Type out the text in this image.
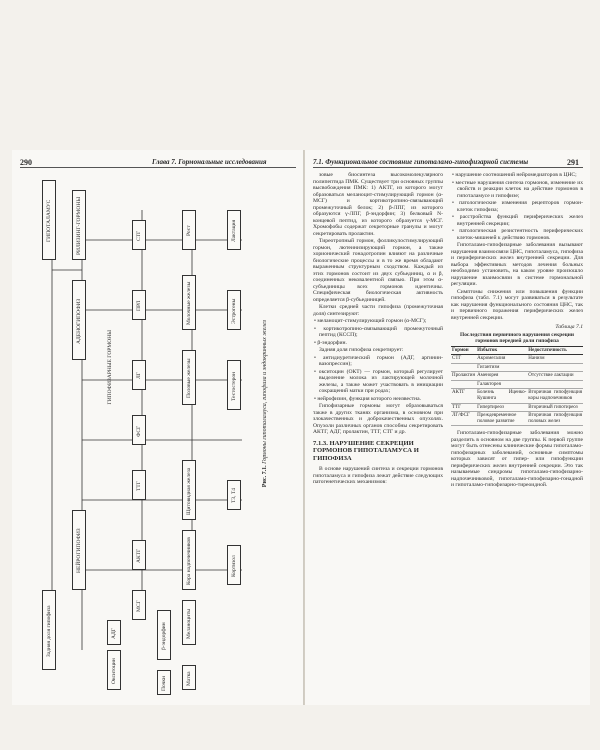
290	Глава 7. Гормональные исследования
ГИПОТАЛАМУС	РИЛИЗИНГ-ГОРМОНЫ
НЕЙРОГИПОФИЗ
АДЕНОГИПОФИЗ
Задняя доля гипофиза
СТГ
ПРЛ
ЛГ
ФСГ
ТТГ
АКТГ
МСГ
β-эндорфин
Рост
Молочные железы
Половые железы
Щитовидная железа
Кора надпочечников
Меланоциты
Лактация
Эстрогены
Тестостерон
Т3, Т4
Кортизол
АДГ
Окситоцин	Почки	Матка
ГИПОФИЗАРНЫЕ ГОРМОНЫ
Рис. 7.1. Гормоны гипоталамуса, гипофиза и эндокринных желез
7.1. Функциональное состояние гипоталамо-гипофизарной системы	291

зовые биосинтеза высокомолекулярного полипептида ПМК. Существует три основных группы высвобождения ПМК: 1) АКТГ, из которого могут образоваться меланоцит-стимулирующий гормон (α-МСГ) и кортикотропино-связывающий промежуточный белок; 2) β-ЛПГ, из которого образуются γ-ЛПГ, β-эндорфин; 3) белковый N-концевой пептид, из которого образуется γ-МСГ. Хромофобы содержат секреторные гранулы и могут секретировать пролактин.

Тиреотропный гормон, фолликулостимулирующий гормон, лютеинизирующий гормон, а также хорионический гонадотропин влияют на различные биологические процессы и в то же время обладают выраженным структурным сходством. Каждый из этих гормонов состоит из двух субъединиц, α и β, соединенных нековалентной связью. При этом α-субъединицы всех гормонов идентичны. Специфическая биологическая активность определяется β-субъединицей.

Клетки средней части гипофиза (промежуточная доля) синтезируют:

• меланоцит-стимулирующий гормон (α-МСГ);
• кортикотропино-связывающий промежуточный пептид (КССП);
• β-эндорфин.

Задняя доля гипофиза секретирует:

• антидиуретический гормон (АДГ, аргинин-вазопрессин);
• окситоцин (ОКТ) — гормон, который регулирует выделение молока из лактирующей молочной железы, а также может участвовать в инициации сокращений матки при родах;
• нейрофизин, функция которого неизвестна.

Гипофизарные гормоны могут образовываться также в других тканях организма, в основном при злокачественных и доброкачественных опухолях. Опухоли различных органов способны секретировать АКТГ, АДГ, пролактин, ТТГ, СТГ и др.

7.1.3. НАРУШЕНИЕ СЕКРЕЦИИ ГОРМОНОВ ГИПОТАЛАМУСА И ГИПОФИЗА

В основе нарушений синтеза и секреции гормонов гипоталамуса и гипофиза лежат действие следующих патогенетических механизмов:

• нарушение соотношений нейромедиаторов в ЦНС;
• местные нарушения синтеза гормонов, изменение их свойств и реакции клеток на действие гормонов в гипоталамусе и гипофизе;
• патологические изменения рецепторов гормон-клеток гипофиза;
• расстройства функций периферических желез внутренней секреции;
• патологическая резистентность периферических клеток-мишеней к действию гормонов.

Гипоталамо-гипофизарные заболевания вызывают нарушения взаимосвязи ЦНС, гипоталамуса, гипофиза и периферических желез внутренней секреции. Для выбора эффективных методов лечения больных необходимо установить, на каком уровне произошло нарушение взаимосвязи в системе гормональной регуляции.

Симптомы снижения или повышения функции гипофиза (табл. 7.1) могут развиваться в результате как нарушения функционального состояния ЦНС, так и первичного поражения периферических желез внутренней секреции.

Таблица 7.1
Последствия первичного нарушения секреции гормонов передней доли гипофиза
Гормон	Избыток	Недостаточность
СТГ	Акромегалия	Нанизм
	Гигантизм	
Пролактин	Аменорея	Отсутствие лактации
	Галакторея	
АКТГ	Болезнь Иценко-Кушинга	Вторичная гипофункция коры надпочечников
ТТГ	Гипертиреоз	Вторичный гипотиреоз
ЛГ/ФСГ	Преждевременное половое развитие	Вторичная гипофункция половых желез

Гипоталамо-гипофизарные заболевания можно разделить в основном на две группы. К первой группе могут быть отнесены клинические формы гипоталамо-гипофизарных заболеваний, основные симптомы которых зависят от гипер- или гипофункции периферических желез внутренней секреции. Это так называемые синдромы гипоталамо-гипофизарно-надпочечниковой, гипоталамо-гипофизарно-гонадной и гипоталамо-гипофизарно-тиреоидной.
